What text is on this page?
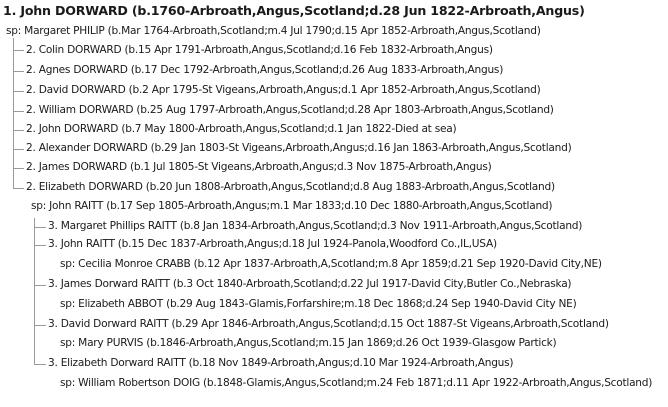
1. John DORWARD (b.1760-Arbroath,Angus,Scotland;d.28 Jun 1822-Arbroath,Angus)
sp: Margaret PHILIP (b.Mar 1764-Arbroath,Scotland;m.4 Jul 1790;d.15 Apr 1852-Arbroath,Angus,Scotland)
2. Colin DORWARD (b.15 Apr 1791-Arbroath,Angus,Scotland;d.16 Feb 1832-Arbroath,Angus)
2. Agnes DORWARD (b.17 Dec 1792-Arbroath,Angus,Scotland;d.26 Aug 1833-Arbroath,Angus)
2. David DORWARD (b.2 Apr 1795-St Vigeans,Arbroath,Angus;d.1 Apr 1852-Arbroath,Angus,Scotland)
2. William DORWARD (b.25 Aug 1797-Arbroath,Angus,Scotland;d.28 Apr 1803-Arbroath,Angus,Scotland)
2. John DORWARD (b.7 May 1800-Arbroath,Angus,Scotland;d.1 Jan 1822-Died at sea)
2. Alexander DORWARD (b.29 Jan 1803-St Vigeans,Arbroath,Angus;d.16 Jan 1863-Arbroath,Angus,Scotland)
2. James DORWARD (b.1 Jul 1805-St Vigeans,Arbroath,Angus;d.3 Nov 1875-Arbroath,Angus)
2. Elizabeth DORWARD (b.20 Jun 1808-Arbroath,Angus,Scotland;d.8 Aug 1883-Arbroath,Angus,Scotland)
sp: John RAITT (b.17 Sep 1805-Arbroath,Angus;m.1 Mar 1833;d.10 Dec 1880-Arbroath,Angus,Scotland)
3. Margaret Phillips RAITT (b.8 Jan 1834-Arbroath,Angus,Scotland;d.3 Nov 1911-Arbroath,Angus,Scotland)
3. John RAITT (b.15 Dec 1837-Arbroath,Angus;d.18 Jul 1924-Panola,Woodford Co.,IL,USA)
sp: Cecilia Monroe CRABB (b.12 Apr 1837-Arbroath,A,Scotland;m.8 Apr 1859;d.21 Sep 1920-David City,NE)
3. James Dorward RAITT (b.3 Oct 1840-Arbroath,Scotland;d.22 Jul 1917-David City,Butler Co.,Nebraska)
sp: Elizabeth ABBOT (b.29 Aug 1843-Glamis,Forfarshire;m.18 Dec 1868;d.24 Sep 1940-David City NE)
3. David Dorward RAITT (b.29 Apr 1846-Arbroath,Angus,Scotland;d.15 Oct 1887-St Vigeans,Arbroath,Scotland)
sp: Mary PURVIS (b.1846-Arbroath,Angus,Scotland;m.15 Jan 1869;d.26 Oct 1939-Glasgow Partick)
3. Elizabeth Dorward RAITT (b.18 Nov 1849-Arbroath,Angus;d.10 Mar 1924-Arbroath,Angus)
sp: William Robertson DOIG (b.1848-Glamis,Angus,Scotland;m.24 Feb 1871;d.11 Apr 1922-Arbroath,Angus,Scotland)
